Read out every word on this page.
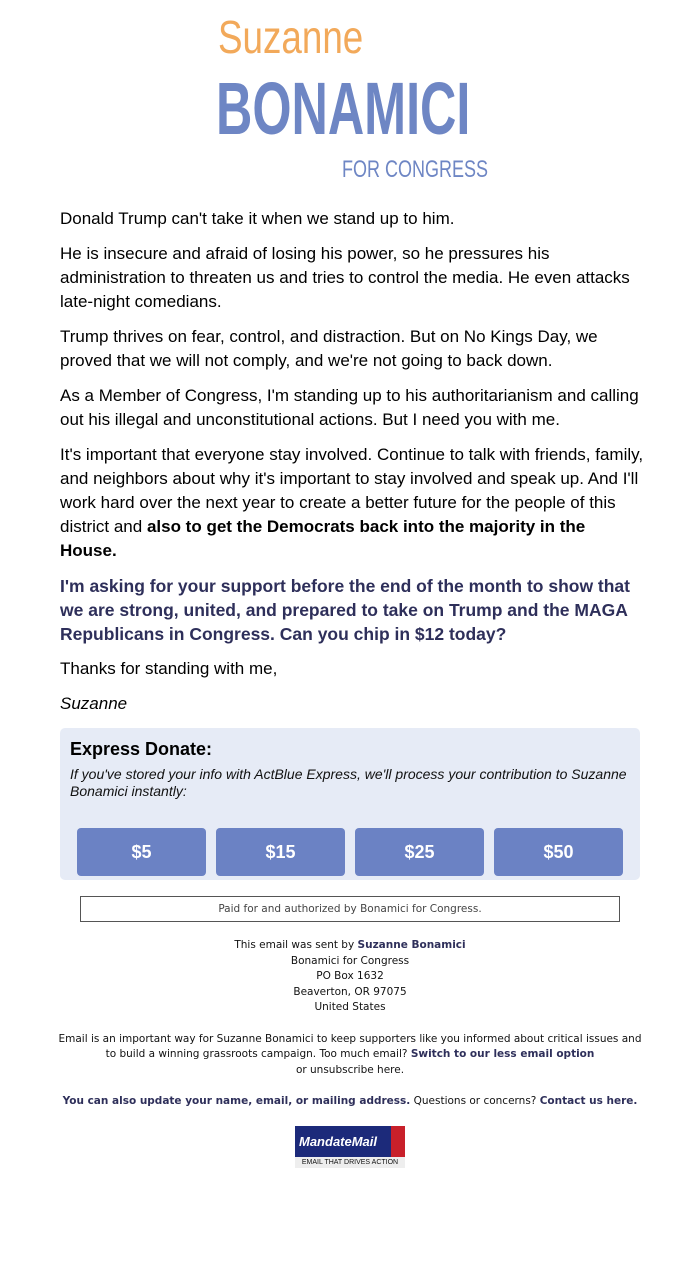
Suzanne
BONAMICI
FOR CONGRESS

Donald Trump can't take it when we stand up to him.

He is insecure and afraid of losing his power, so he pressures his administration to threaten us and tries to control the media. He even attacks late-night comedians.

Trump thrives on fear, control, and distraction. But on No Kings Day, we proved that we will not comply, and we're not going to back down.

As a Member of Congress, I'm standing up to his authoritarianism and calling out his illegal and unconstitutional actions. But I need you with me.

It's important that everyone stay involved. Continue to talk with friends, family, and neighbors about why it's important to stay involved and speak up. And I'll work hard over the next year to create a better future for the people of this district and also to get the Democrats back into the majority in the House.

I'm asking for your support before the end of the month to show that we are strong, united, and prepared to take on Trump and the MAGA Republicans in Congress. Can you chip in $12 today?

Thanks for standing with me,

Suzanne

Express Donate:
If you've stored your info with ActBlue Express, we'll process your contribution to Suzanne Bonamici instantly:
$5	$15	$25	$50
Paid for and authorized by Bonamici for Congress.
This email was sent by Suzanne Bonamici
Bonamici for Congress
PO Box 1632
Beaverton, OR 97075
United States
Email is an important way for Suzanne Bonamici to keep supporters like you informed about critical issues and to build a winning grassroots campaign. Too much email? Switch to our less email option
or unsubscribe here.
You can also update your name, email, or mailing address. Questions or concerns? Contact us here.
MandateMail
EMAIL THAT DRIVES ACTION
